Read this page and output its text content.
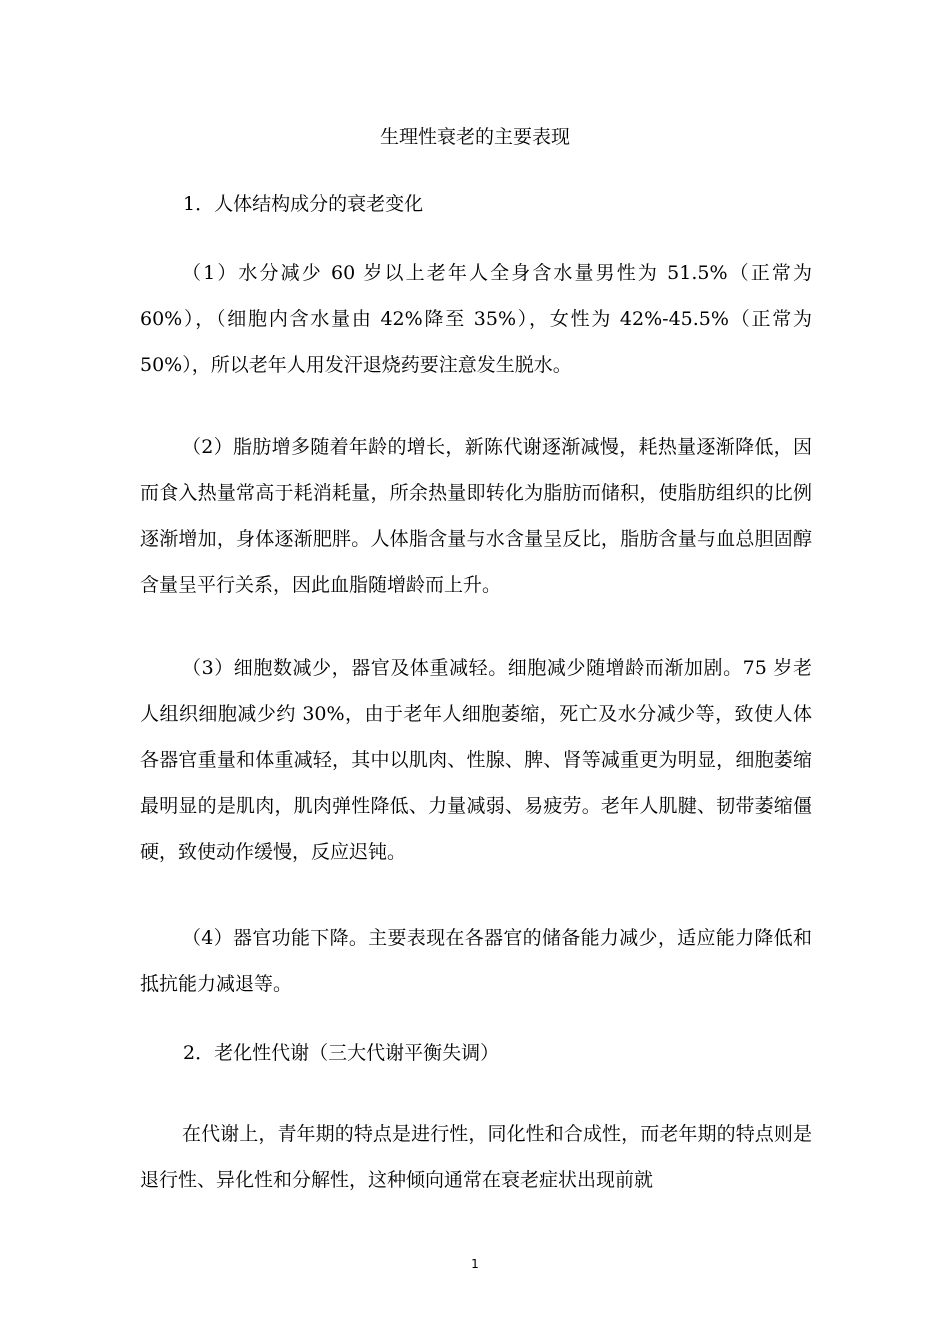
生理性衰老的主要表现
1．人体结构成分的衰老变化

（1）水分减少 60 岁以上老年人全身含水量男性为 51.5%（正常为 60%），（细胞内含水量由 42%降至 35%），女性为 42%-45.5%（正常为 50%），所以老年人用发汗退烧药要注意发生脱水。

（2）脂肪增多随着年龄的增长，新陈代谢逐渐减慢，耗热量逐渐降低，因而食入热量常高于耗消耗量，所余热量即转化为脂肪而储积，使脂肪组织的比例逐渐增加，身体逐渐肥胖。人体脂含量与水含量呈反比，脂肪含量与血总胆固醇含量呈平行关系，因此血脂随增龄而上升。

（3）细胞数减少，器官及体重减轻。细胞减少随增龄而渐加剧。75 岁老人组织细胞减少约 30%，由于老年人细胞萎缩，死亡及水分减少等，致使人体各器官重量和体重减轻，其中以肌肉、性腺、脾、肾等减重更为明显，细胞萎缩最明显的是肌肉，肌肉弹性降低、力量减弱、易疲劳。老年人肌腱、韧带萎缩僵硬，致使动作缓慢，反应迟钝。

（4）器官功能下降。主要表现在各器官的储备能力减少，适应能力降低和抵抗能力减退等。

2．老化性代谢（三大代谢平衡失调）

在代谢上，青年期的特点是进行性，同化性和合成性，而老年期的特点则是退行性、异化性和分解性，这种倾向通常在衰老症状出现前就

1
